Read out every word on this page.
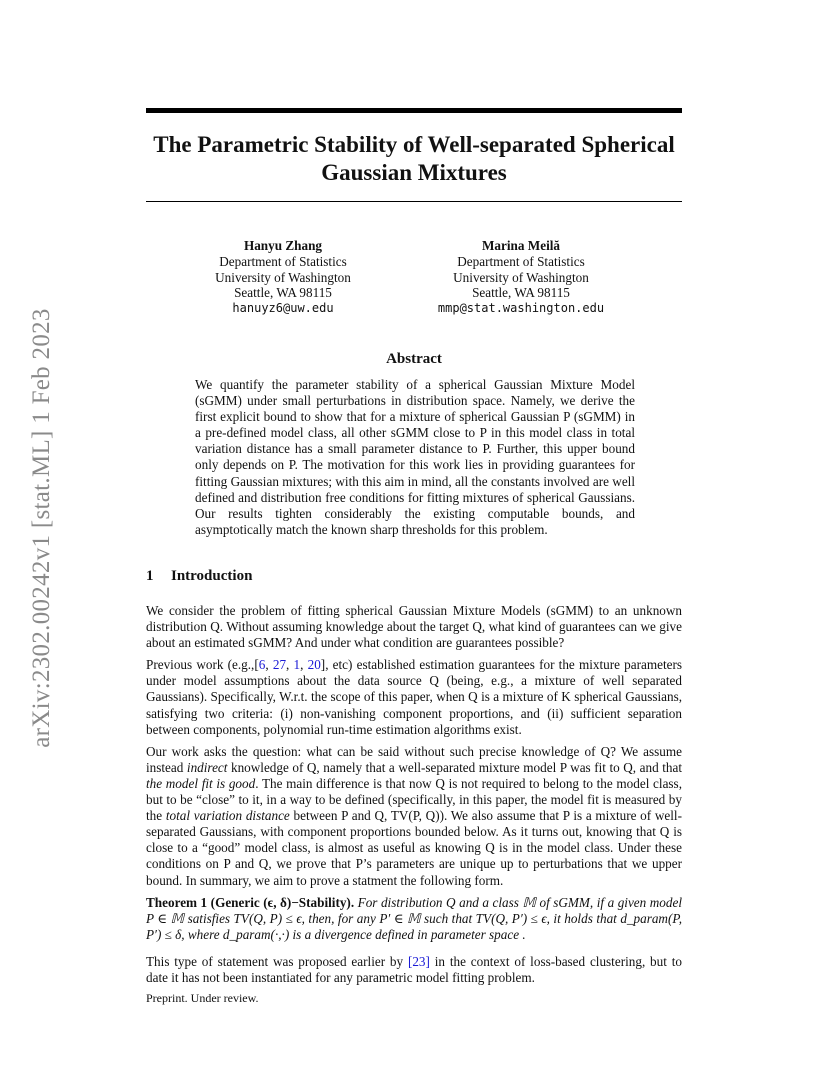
arXiv:2302.00242v1 [stat.ML] 1 Feb 2023
The Parametric Stability of Well-separated Spherical Gaussian Mixtures
Hanyu Zhang
Department of Statistics
University of Washington
Seattle, WA 98115
hanuyz6@uw.edu
Marina Meilă
Department of Statistics
University of Washington
Seattle, WA 98115
mmp@stat.washington.edu
Abstract
We quantify the parameter stability of a spherical Gaussian Mixture Model (sGMM) under small perturbations in distribution space. Namely, we derive the first explicit bound to show that for a mixture of spherical Gaussian P (sGMM) in a pre-defined model class, all other sGMM close to P in this model class in total variation distance has a small parameter distance to P. Further, this upper bound only depends on P. The motivation for this work lies in providing guarantees for fitting Gaussian mixtures; with this aim in mind, all the constants involved are well defined and distribution free conditions for fitting mixtures of spherical Gaussians. Our results tighten considerably the existing computable bounds, and asymptotically match the known sharp thresholds for this problem.
1 Introduction

We consider the problem of fitting spherical Gaussian Mixture Models (sGMM) to an unknown distribution Q. Without assuming knowledge about the target Q, what kind of guarantees can we give about an estimated sGMM? And under what condition are guarantees possible?

Previous work (e.g.,[6, 27, 1, 20], etc) established estimation guarantees for the mixture parameters under model assumptions about the data source Q (being, e.g., a mixture of well separated Gaussians). Specifically, W.r.t. the scope of this paper, when Q is a mixture of K spherical Gaussians, satisfying two criteria: (i) non-vanishing component proportions, and (ii) sufficient separation between components, polynomial run-time estimation algorithms exist.

Our work asks the question: what can be said without such precise knowledge of Q? We assume instead indirect knowledge of Q, namely that a well-separated mixture model P was fit to Q, and that the model fit is good. The main difference is that now Q is not required to belong to the model class, but to be “close” to it, in a way to be defined (specifically, in this paper, the model fit is measured by the total variation distance between P and Q, TV(P, Q)). We also assume that P is a mixture of well-separated Gaussians, with component proportions bounded below. As it turns out, knowing that Q is close to a “good” model class, is almost as useful as knowing Q is in the model class. Under these conditions on P and Q, we prove that P’s parameters are unique up to perturbations that we upper bound. In summary, we aim to prove a statment the following form.

Theorem 1 (Generic (ϵ, δ)−Stability). For distribution Q and a class 𝕄 of sGMM, if a given model P ∈ 𝕄 satisfies TV(Q, P) ≤ ϵ, then, for any P′ ∈ 𝕄 such that TV(Q, P′) ≤ ϵ, it holds that d_param(P, P′) ≤ δ, where d_param(·,·) is a divergence defined in parameter space .

This type of statement was proposed earlier by [23] in the context of loss-based clustering, but to date it has not been instantiated for any parametric model fitting problem.

Preprint. Under review.
